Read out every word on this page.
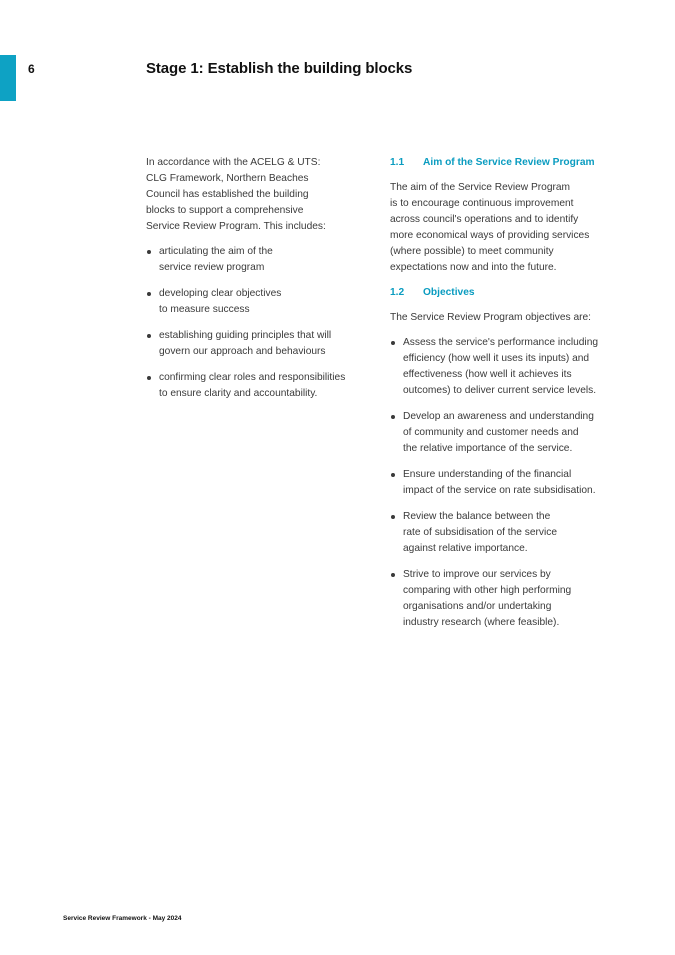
6	Stage 1: Establish the building blocks

In accordance with the ACELG & UTS:
CLG Framework, Northern Beaches
Council has established the building
blocks to support a comprehensive
Service Review Program. This includes:

articulating the aim of the
service review program
developing clear objectives
to measure success
establishing guiding principles that will
govern our approach and behaviours
confirming clear roles and responsibilities
to ensure clarity and accountability.
1.1	Aim of the Service Review Program

The aim of the Service Review Program
is to encourage continuous improvement
across council's operations and to identify
more economical ways of providing services
(where possible) to meet community
expectations now and into the future.

1.2	Objectives

The Service Review Program objectives are:

Assess the service's performance including
efficiency (how well it uses its inputs) and
effectiveness (how well it achieves its
outcomes) to deliver current service levels.
Develop an awareness and understanding
of community and customer needs and
the relative importance of the service.
Ensure understanding of the financial
impact of the service on rate subsidisation.
Review the balance between the
rate of subsidisation of the service
against relative importance.
Strive to improve our services by
comparing with other high performing
organisations and/or undertaking
industry research (where feasible).
Service Review Framework - May 2024
